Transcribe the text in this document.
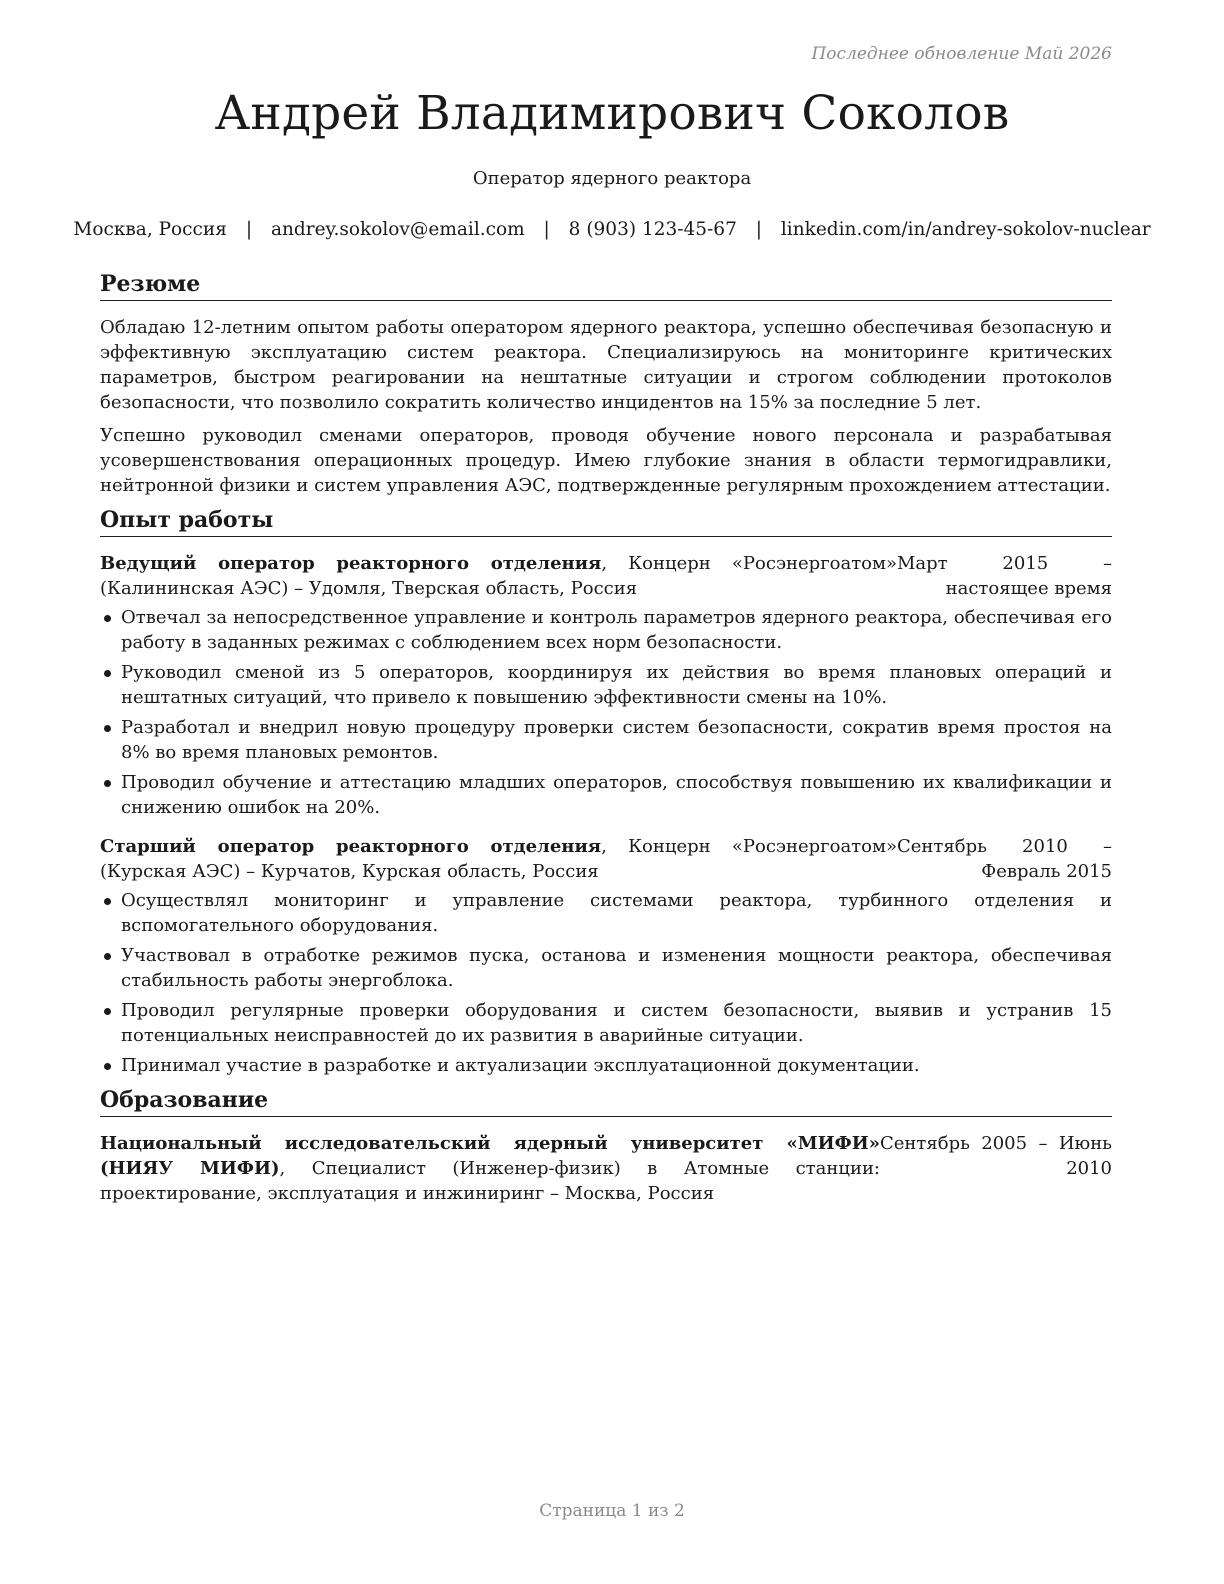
Последнее обновление Май 2026
Андрей Владимирович Соколов
Оператор ядерного реактора
Москва, Россия | andrey.sokolov@email.com | 8 (903) 123-45-67 | linkedin.com/in/andrey-sokolov-nuclear
Резюме

Обладаю 12-летним опытом работы оператором ядерного реактора, успешно обеспечивая безопасную и эффективную эксплуатацию систем реактора. Специализируюсь на мониторинге критических параметров, быстром реагировании на нештатные ситуации и строгом соблюдении протоколов безопасности, что позволило сократить количество инцидентов на 15% за последние 5 лет.

Успешно руководил сменами операторов, проводя обучение нового персонала и разрабатывая усовершенствования операционных процедур. Имею глубокие знания в области термогидравлики, нейтронной физики и систем управления АЭС, подтвержденные регулярным прохождением аттестации.

Опыт работы
Ведущий оператор реакторного отделения, Концерн «Росэнергоатом» (Калининская АЭС) – Удомля, Тверская область, Россия
Март 2015 – настоящее время
Отвечал за непосредственное управление и контроль параметров ядерного реактора, обеспечивая его работу в заданных режимах с соблюдением всех норм безопасности.
Руководил сменой из 5 операторов, координируя их действия во время плановых операций и нештатных ситуаций, что привело к повышению эффективности смены на 10%.
Разработал и внедрил новую процедуру проверки систем безопасности, сократив время простоя на 8% во время плановых ремонтов.
Проводил обучение и аттестацию младших операторов, способствуя повышению их квалификации и снижению ошибок на 20%.
Старший оператор реакторного отделения, Концерн «Росэнергоатом» (Курская АЭС) – Курчатов, Курская область, Россия
Сентябрь 2010 – Февраль 2015
Осуществлял мониторинг и управление системами реактора, турбинного отделения и вспомогательного оборудования.
Участвовал в отработке режимов пуска, останова и изменения мощности реактора, обеспечивая стабильность работы энергоблока.
Проводил регулярные проверки оборудования и систем безопасности, выявив и устранив 15 потенциальных неисправностей до их развития в аварийные ситуации.
Принимал участие в разработке и актуализации эксплуатационной документации.
Образование
Национальный исследовательский ядерный университет «МИФИ» (НИЯУ МИФИ), Специалист (Инженер-физик) в Атомные станции: проектирование, эксплуатация и инжиниринг – Москва, Россия
Сентябрь 2005 – Июнь 2010
Страница 1 из 2
